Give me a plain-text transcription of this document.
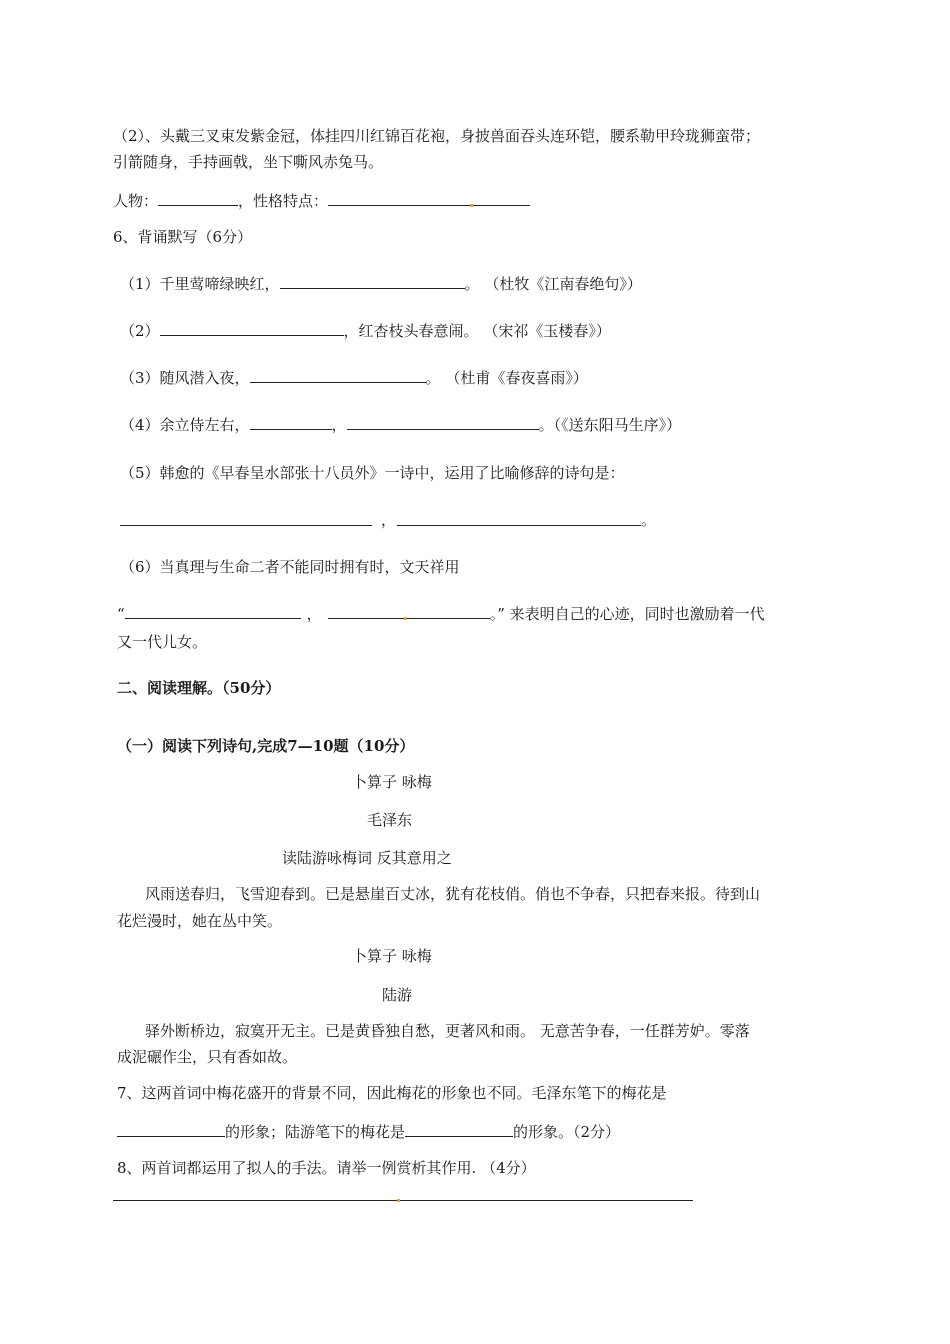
（2）、头戴三叉束发紫金冠，体挂四川红锦百花袍，身披兽面吞头连环铠，腰系勒甲玲珑狮蛮带；
引箭随身，手持画戟，坐下嘶风赤兔马。
人物：	，性格特点：
6、背诵默写（6分）
（1）千里莺啼绿映红，	。 （杜牧《江南春绝句》）
（2）	，红杏枝头春意闹。 （宋祁《玉楼春》）
（3）随风潜入夜，	。 （杜甫《春夜喜雨》）
（4）余立侍左右，	，	。（《送东阳马生序》）
（5）韩愈的《早春呈水部张十八员外》一诗中，运用了比喻修辞的诗句是：
，	。
（6）当真理与生命二者不能同时拥有时，文天祥用
“	，	。” 来表明自己的心迹，同时也激励着一代
又一代儿女。
二、阅读理解。（50分）
（一）阅读下列诗句,完成7—10题（10分）
卜算子 咏梅
毛泽东
读陆游咏梅词 反其意用之
风雨送春归，飞雪迎春到。已是悬崖百丈冰，犹有花枝俏。俏也不争春，只把春来报。待到山
花烂漫时，她在丛中笑。
卜算子 咏梅
陆游
驿外断桥边，寂寞开无主。已是黄昏独自愁，更著风和雨。 无意苦争春，一任群芳妒。零落
成泥碾作尘，只有香如故。
7、这两首词中梅花盛开的背景不同，因此梅花的形象也不同。毛泽东笔下的梅花是
的形象；陆游笔下的梅花是	的形象。（2分）
8、两首词都运用了拟人的手法。请举一例赏析其作用. （4分）
